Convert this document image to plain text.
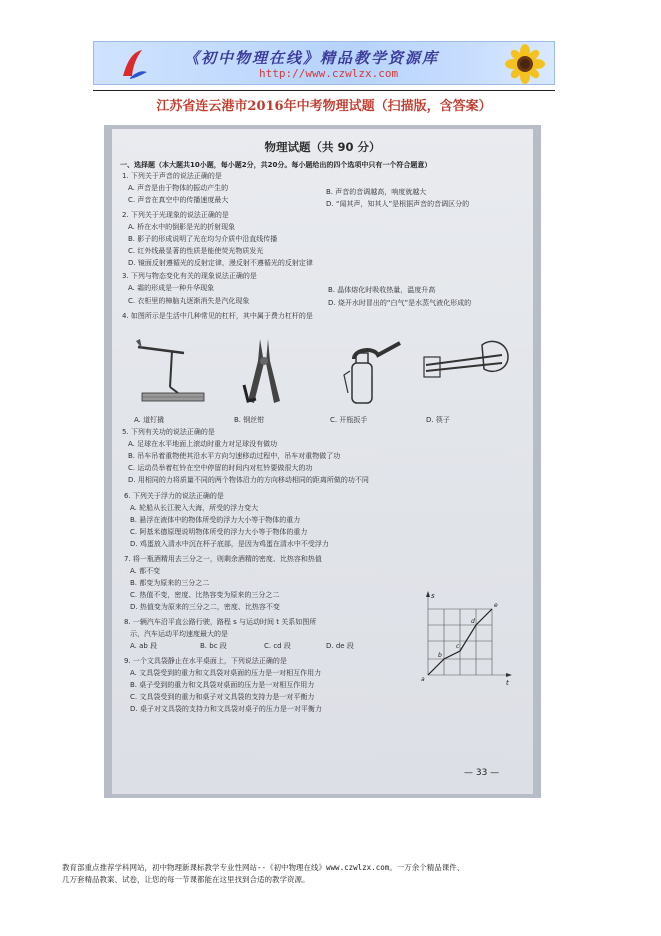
《初中物理在线》精品教学资源库
http://www.czwlzx.com
江苏省连云港市2016年中考物理试题（扫描版，含答案）
物理试题（共 90 分）
一、选择题（本大题共10小题，每小题2分，共20分。每小题给出的四个选项中只有一个符合题意）
1. 下列关于声音的说法正确的是
A. 声音是由于物体的振动产生的	B. 声音的音调越高，响度就越大
C. 声音在真空中的传播速度最大	D. “闻其声，知其人”是根据声音的音调区分的
2. 下列关于光现象的说法正确的是
A. 桥在水中的倒影是光的折射现象
B. 影子的形成说明了光在均匀介质中沿直线传播
C. 红外线最显著的性质是能使荧光物质发光
D. 镜面反射遵循光的反射定律，漫反射不遵循光的反射定律
3. 下列与物态变化有关的现象说法正确的是
A. 霜的形成是一种升华现象	B. 晶体熔化时吸收热量，温度升高
C. 衣柜里的樟脑丸逐渐消失是汽化现象	D. 烧开水时冒出的“白气”是水蒸气液化形成的
4. 如图所示是生活中几种常见的杠杆，其中属于费力杠杆的是
A. 道钉撬	B. 钢丝钳	C. 开瓶扳手	D. 筷子
5. 下列有关功的说法正确的是
A. 足球在水平地面上滚动时重力对足球没有做功
B. 吊车吊着重物使其沿水平方向匀速移动过程中，吊车对重物做了功
C. 运动员举着杠铃在空中停留的时间内对杠铃要做很大的功
D. 用相同的力将质量不同的两个物体沿力的方向移动相同的距离所做的功不同
6. 下列关于浮力的说法正确的是
A. 轮船从长江驶入大海，所受的浮力变大
B. 悬浮在液体中的物体所受的浮力大小等于物体的重力
C. 阿基米德原理说明物体所受的浮力大小等于物体的重力
D. 鸡蛋放入清水中沉在杯子底部，是因为鸡蛋在清水中不受浮力
7. 将一瓶酒精用去三分之一，则剩余酒精的密度、比热容和热值
A. 都不变
B. 都变为原来的三分之二
C. 热值不变，密度、比热容变为原来的三分之二
D. 热值变为原来的三分之二，密度、比热容不变
8. 一辆汽车沿平直公路行驶，路程 s 与运动时间 t 关系如图所
示，汽车运动平均速度最大的是
A. ab 段	B. bc 段	C. cd 段	D. de 段
9. 一个文具袋静止在水平桌面上，下列说法正确的是
A. 文具袋受到的重力和文具袋对桌面的压力是一对相互作用力
B. 桌子受到的重力和文具袋对桌面的压力是一对相互作用力
C. 文具袋受到的重力和桌子对文具袋的支持力是一对平衡力
D. 桌子对文具袋的支持力和文具袋对桌子的压力是一对平衡力
s
t
a
b
c
d
e
— 33 —
教育部重点推荐学科网站，初中物理新课标教学专业性网站--《初中物理在线》www.czwlzx.com。一万余个精品课件、
几万套精品教案、试卷，让您的每一节课都能在这里找到合适的教学资源。
